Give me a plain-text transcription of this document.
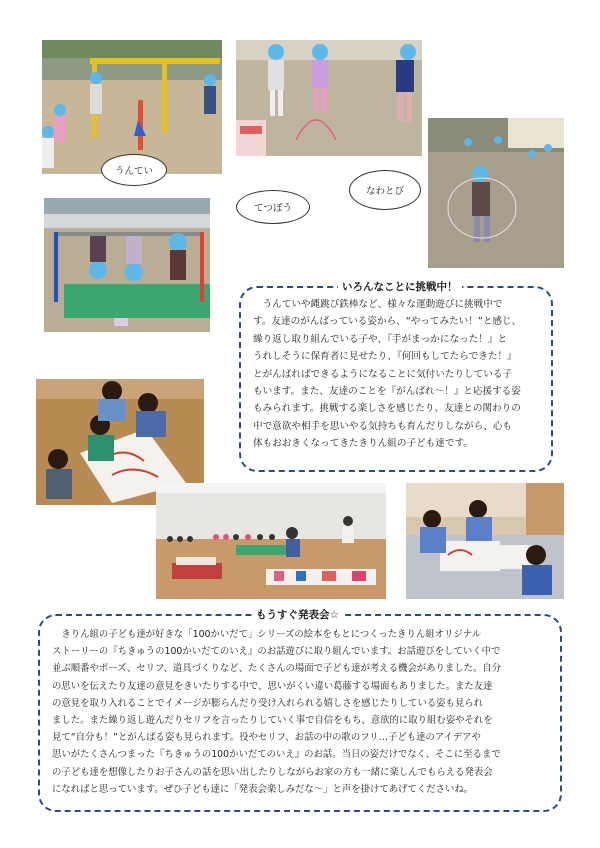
うんてい
てつぼう
なわとび
いろんなことに挑戦中！
　うんていや縄跳び鉄棒など、様々な運動遊びに挑戦中で
す。友達のがんばっている姿から、“やってみたい！”と感じ、
繰り返し取り組んでいる子や、『手がまっかになった！』と
うれしそうに保育者に見せたり、『何回もしてたらできた！』
とがんばればできるようになることに気付いたりしている子
もいます。また、友達のことを『がんばれ～！』と応援する姿
もみられます。挑戦する楽しさを感じたり、友達との関わりの
中で意欲や相手を思いやる気持ちも育んだりしながら、心も
体もおおきくなってきたきりん組の子ども達です。
もうすぐ発表会☆
　きりん組の子ども達が好きな「100かいだて」シリーズの絵本をもとにつくったきりん組オリジナル
ストーリーの『ちきゅうの100かいだてのいえ』のお話遊びに取り組んでいます。お話遊びをしていく中で
並ぶ順番やポーズ、セリフ、道具づくりなど、たくさんの場面で子ども達が考える機会がありました。自分
の思いを伝えたり友達の意見をきいたりする中で、思いがくい違い葛藤する場面もありました。また友達
の意見を取り入れることでイメージが膨らんだり受け入れられる嬉しさを感じたりしている姿も見られ
ました。また繰り返し遊んだりセリフを言ったりしていく事で自信をもち、意欲的に取り組む姿やそれを
見て“自分も！”とがんばる姿も見られます。役やセリフ、お話の中の歌のフリ…子ども達のアイデアや
思いがたくさんつまった『ちきゅうの100かいだてのいえ』のお話。当日の姿だけでなく、そこに至るまで
の子ども達を想像したりお子さんの話を思い出したりしながらお家の方も一緒に楽しんでもらえる発表会
になればと思っています。ぜひ子ども達に「発表会楽しみだな～」と声を掛けてあげてくださいね。
